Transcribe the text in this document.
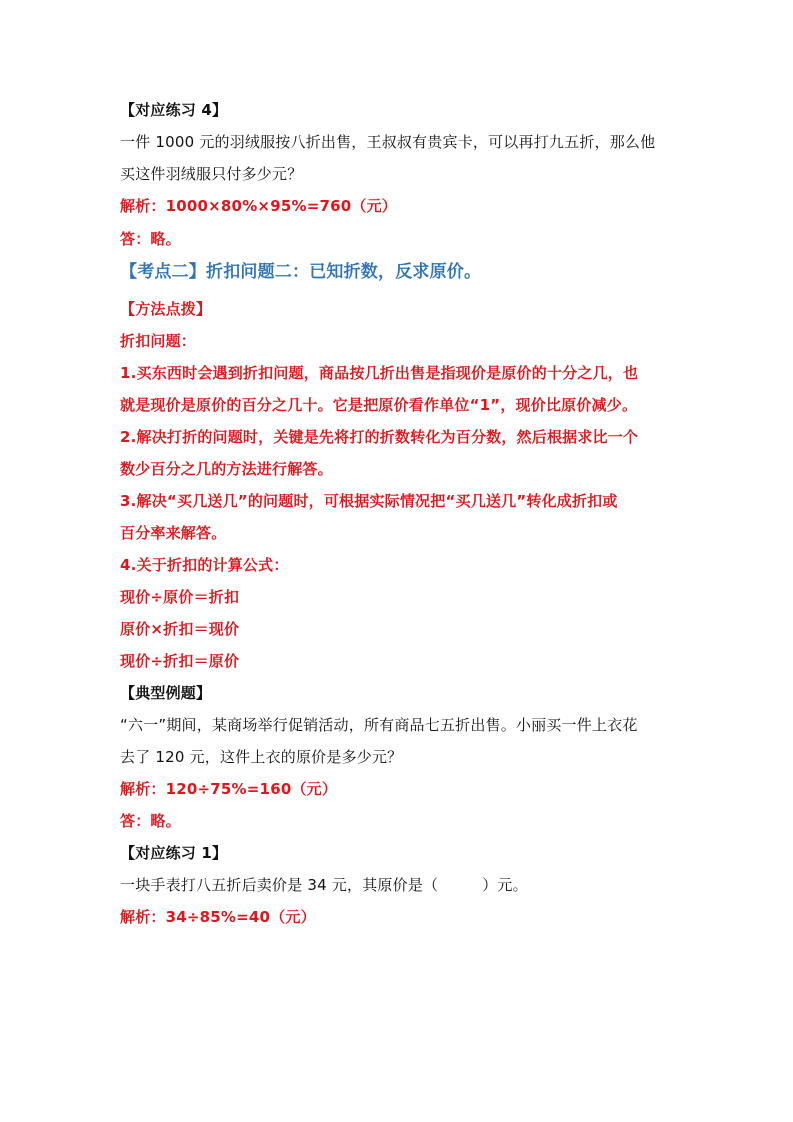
【对应练习 4】
一件 1000 元的羽绒服按八折出售，王叔叔有贵宾卡，可以再打九五折，那么他
买这件羽绒服只付多少元？
解析：1000×80%×95%=760（元）
答：略。
【考点二】折扣问题二：已知折数，反求原价。
【方法点拨】
折扣问题：
1.买东西时会遇到折扣问题，商品按几折出售是指现价是原价的十分之几，也
就是现价是原价的百分之几十。它是把原价看作单位“1”，现价比原价减少。
2.解决打折的问题时，关键是先将打的折数转化为百分数，然后根据求比一个
数少百分之几的方法进行解答。
3.解决“买几送几”的问题时，可根据实际情况把“买几送几”转化成折扣或
百分率来解答。
4.关于折扣的计算公式：
现价÷原价＝折扣
原价×折扣＝现价
现价÷折扣＝原价
【典型例题】
“六一”期间，某商场举行促销活动，所有商品七五折出售。小丽买一件上衣花
去了 120 元，这件上衣的原价是多少元？
解析：120÷75%=160（元）
答：略。
【对应练习 1】
一块手表打八五折后卖价是 34 元，其原价是（	）元。
解析：34÷85%=40（元）
